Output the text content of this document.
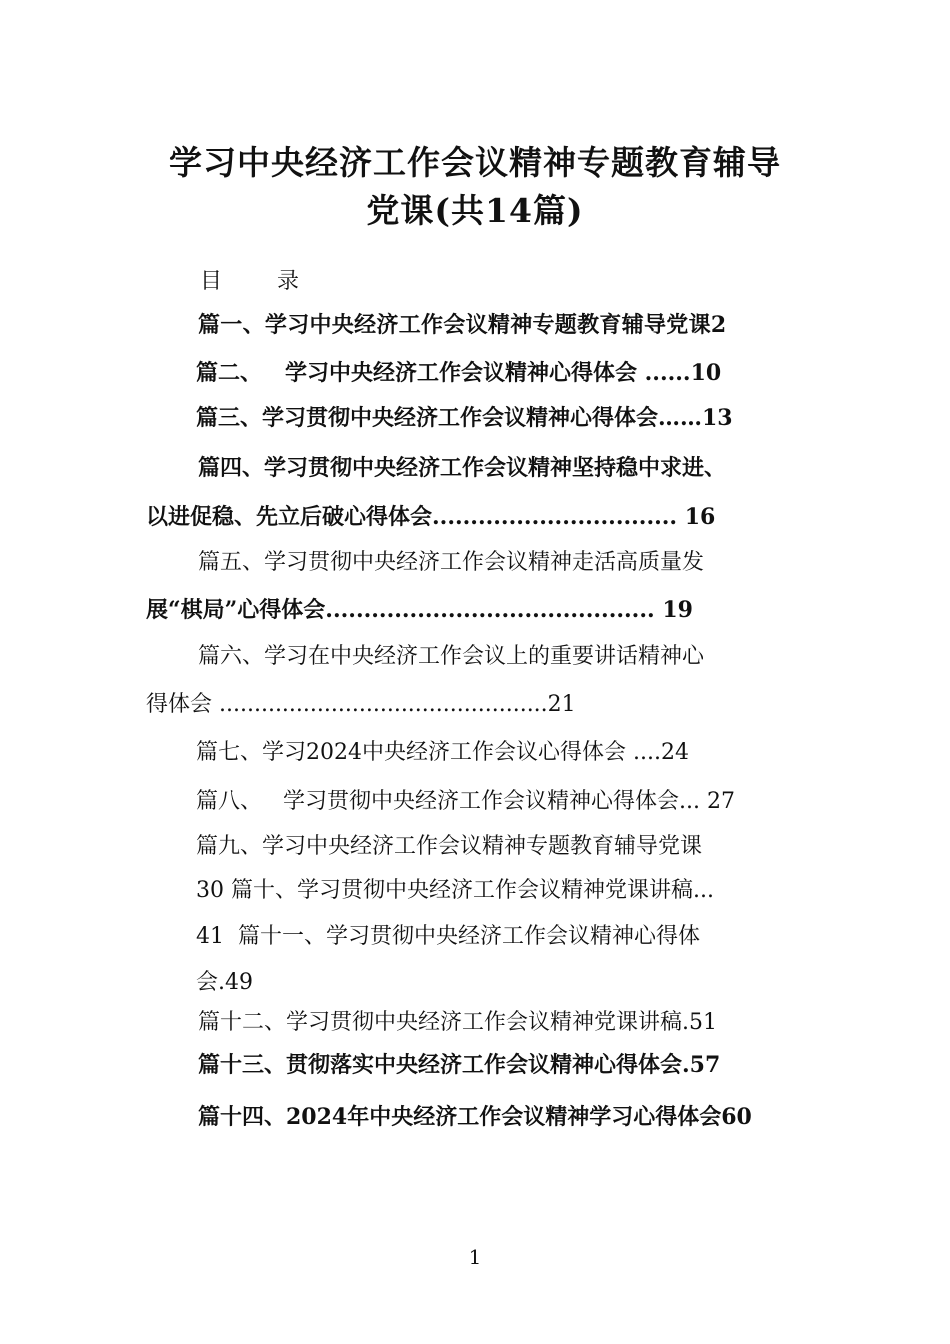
学习中央经济工作会议精神专题教育辅导
党课(共14篇)
目 录
篇一、学习中央经济工作会议精神专题教育辅导党课2
篇二、   学习中央经济工作会议精神心得体会 ......10
篇三、学习贯彻中央经济工作会议精神心得体会……13
篇四、学习贯彻中央经济工作会议精神坚持稳中求进、
以进促稳、先立后破心得体会................................ 16
篇五、学习贯彻中央经济工作会议精神走活高质量发
展“棋局”心得体会........................................... 19
篇六、学习在中央经济工作会议上的重要讲话精神心
得体会 ...............................................21
篇七、学习2024中央经济工作会议心得体会 ....24
篇八、   学习贯彻中央经济工作会议精神心得体会... 27
篇九、学习中央经济工作会议精神专题教育辅导党课
30 篇十、学习贯彻中央经济工作会议精神党课讲稿...
41  篇十一、学习贯彻中央经济工作会议精神心得体
会.49
篇十二、学习贯彻中央经济工作会议精神党课讲稿.51
篇十三、贯彻落实中央经济工作会议精神心得体会.57
篇十四、2024年中央经济工作会议精神学习心得体会60
1
